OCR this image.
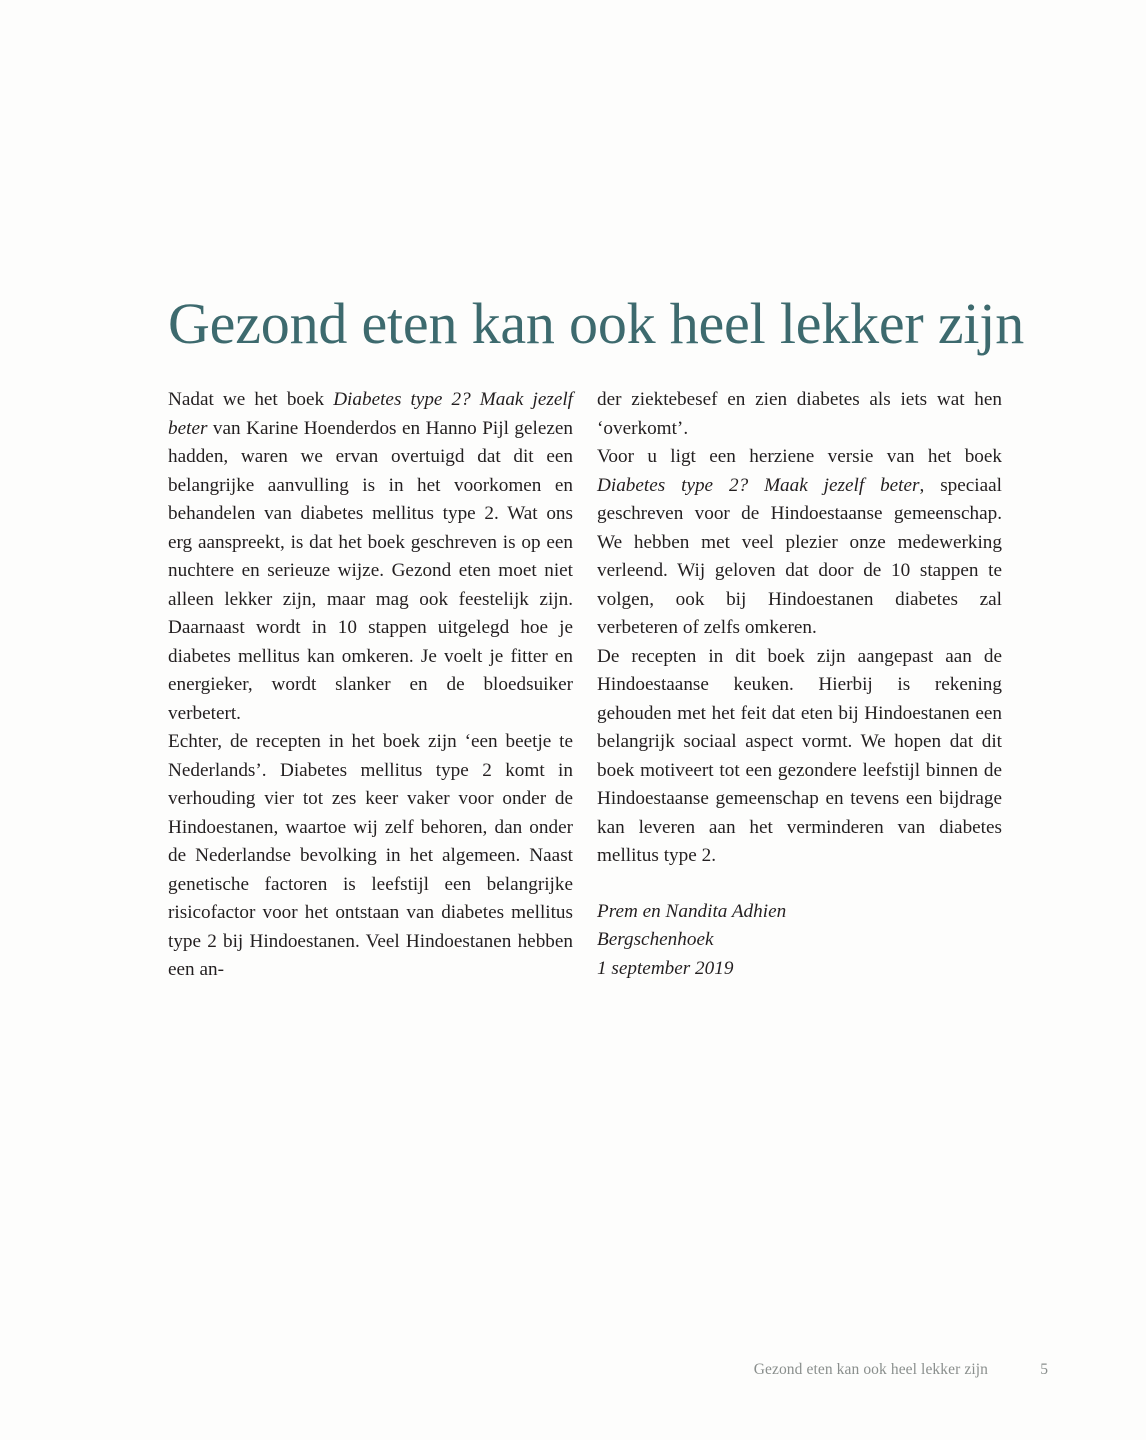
Gezond eten kan ook heel lekker zijn

Nadat we het boek Diabetes type 2? Maak jezelf beter van Karine Hoenderdos en Hanno Pijl gelezen hadden, waren we ervan overtuigd dat dit een belangrijke aanvulling is in het voorkomen en behandelen van diabetes mellitus type 2. Wat ons erg aanspreekt, is dat het boek geschreven is op een nuchtere en serieuze wijze. Gezond eten moet niet alleen lekker zijn, maar mag ook feestelijk zijn. Daarnaast wordt in 10 stappen uitgelegd hoe je diabetes mellitus kan omkeren. Je voelt je fitter en energieker, wordt slanker en de bloedsuiker verbetert.

Echter, de recepten in het boek zijn ‘een beetje te Nederlands’. Diabetes mellitus type 2 komt in verhouding vier tot zes keer vaker voor onder de Hindoestanen, waartoe wij zelf behoren, dan onder de Nederlandse bevolking in het algemeen. Naast genetische factoren is leefstijl een belangrijke risicofactor voor het ontstaan van diabetes mellitus type 2 bij Hindoestanen. Veel Hindoestanen hebben een an-

der ziektebesef en zien diabetes als iets wat hen ‘overkomt’.

Voor u ligt een herziene versie van het boek Diabetes type 2? Maak jezelf beter, speciaal geschreven voor de Hindoestaanse gemeenschap. We hebben met veel plezier onze medewerking verleend. Wij geloven dat door de 10 stappen te volgen, ook bij Hindoestanen diabetes zal verbeteren of zelfs omkeren.

De recepten in dit boek zijn aangepast aan de Hindoestaanse keuken. Hierbij is rekening gehouden met het feit dat eten bij Hindoestanen een belangrijk sociaal aspect vormt. We hopen dat dit boek motiveert tot een gezondere leefstijl binnen de Hindoestaanse gemeenschap en tevens een bijdrage kan leveren aan het verminderen van diabetes mellitus type 2.

Prem en Nandita Adhien
Bergschenhoek
1 september 2019
Gezond eten kan ook heel lekker zijn	5
